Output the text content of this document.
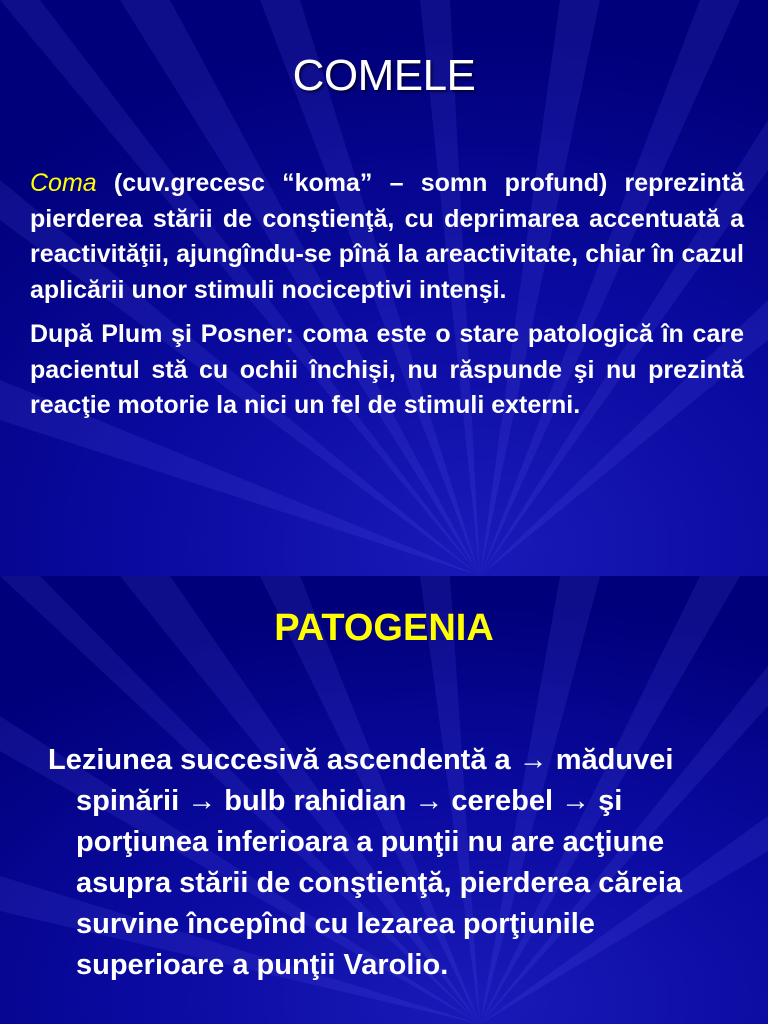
COMELE

Coma (cuv.grecesc “koma” – somn profund) reprezintă pierderea stării de conştienţă, cu deprimarea accentuată a reactivităţii, ajungîndu-se pînă la areactivitate, chiar în cazul aplicării unor stimuli nociceptivi intenşi.

După Plum şi Posner: coma este o stare patologică în care pacientul stă cu ochii închişi, nu răspunde şi nu prezintă reacţie motorie la nici un fel de stimuli externi.

PATOGENIA

Leziunea succesivă ascendentă a → măduvei spinării → bulb rahidian → cerebel → şi porţiunea inferioara a punţii nu are acţiune asupra stării de conştienţă, pierderea căreia survine începînd cu lezarea porţiunile superioare a punţii Varolio.
